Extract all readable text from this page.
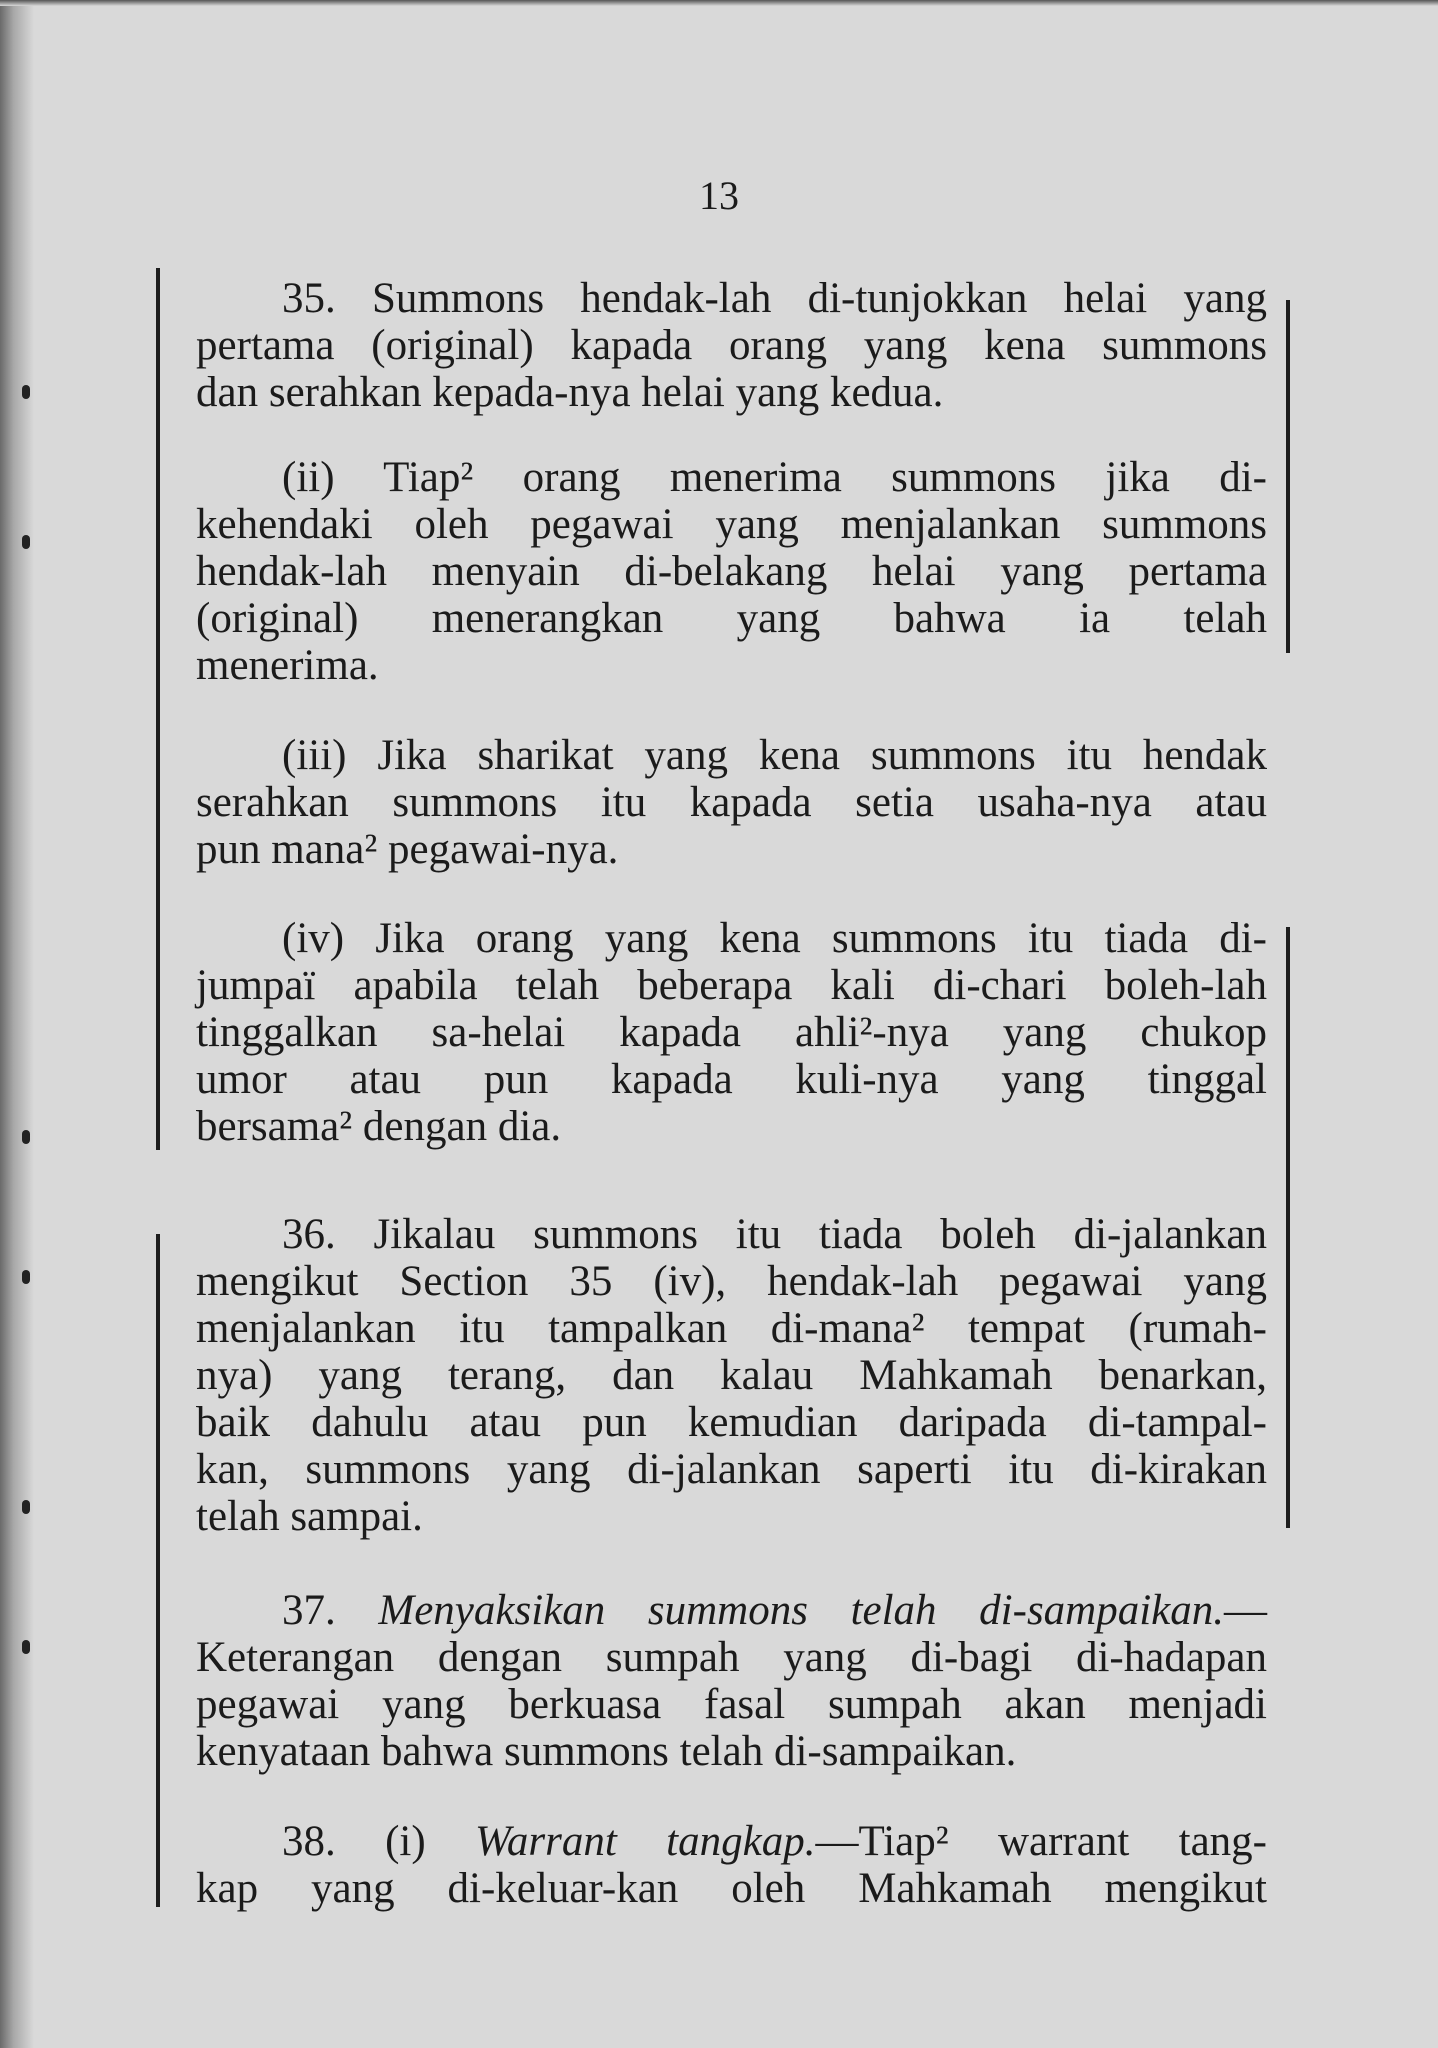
13
35. Summons hendak-lah di-tunjokkan helai yang
pertama (original) kapada orang yang kena summons
dan serahkan kepada-nya helai yang kedua.
(ii) Tiap² orang menerima summons jika di-
kehendaki oleh pegawai yang menjalankan summons
hendak-lah menyain di-belakang helai yang pertama
(original) menerangkan yang bahwa ia telah
menerima.
(iii) Jika sharikat yang kena summons itu hendak
serahkan summons itu kapada setia usaha-nya atau
pun mana² pegawai-nya.
(iv) Jika orang yang kena summons itu tiada di-
jumpaï apabila telah beberapa kali di-chari boleh-lah
tinggalkan sa-helai kapada ahli²-nya yang chukop
umor atau pun kapada kuli-nya yang tinggal
bersama² dengan dia.
36. Jikalau summons itu tiada boleh di-jalankan
mengikut Section 35 (iv), hendak-lah pegawai yang
menjalankan itu tampalkan di-mana² tempat (rumah-
nya) yang terang, dan kalau Mahkamah benarkan,
baik dahulu atau pun kemudian daripada di-tampal-
kan, summons yang di-jalankan saperti itu di-kirakan
telah sampai.
37. Menyaksikan summons telah di-sampaikan.—
Keterangan dengan sumpah yang di-bagi di-hadapan
pegawai yang berkuasa fasal sumpah akan menjadi
kenyataan bahwa summons telah di-sampaikan.
38. (i) Warrant tangkap.—Tiap² warrant tang-
kap yang di-keluar-kan oleh Mahkamah mengikut
